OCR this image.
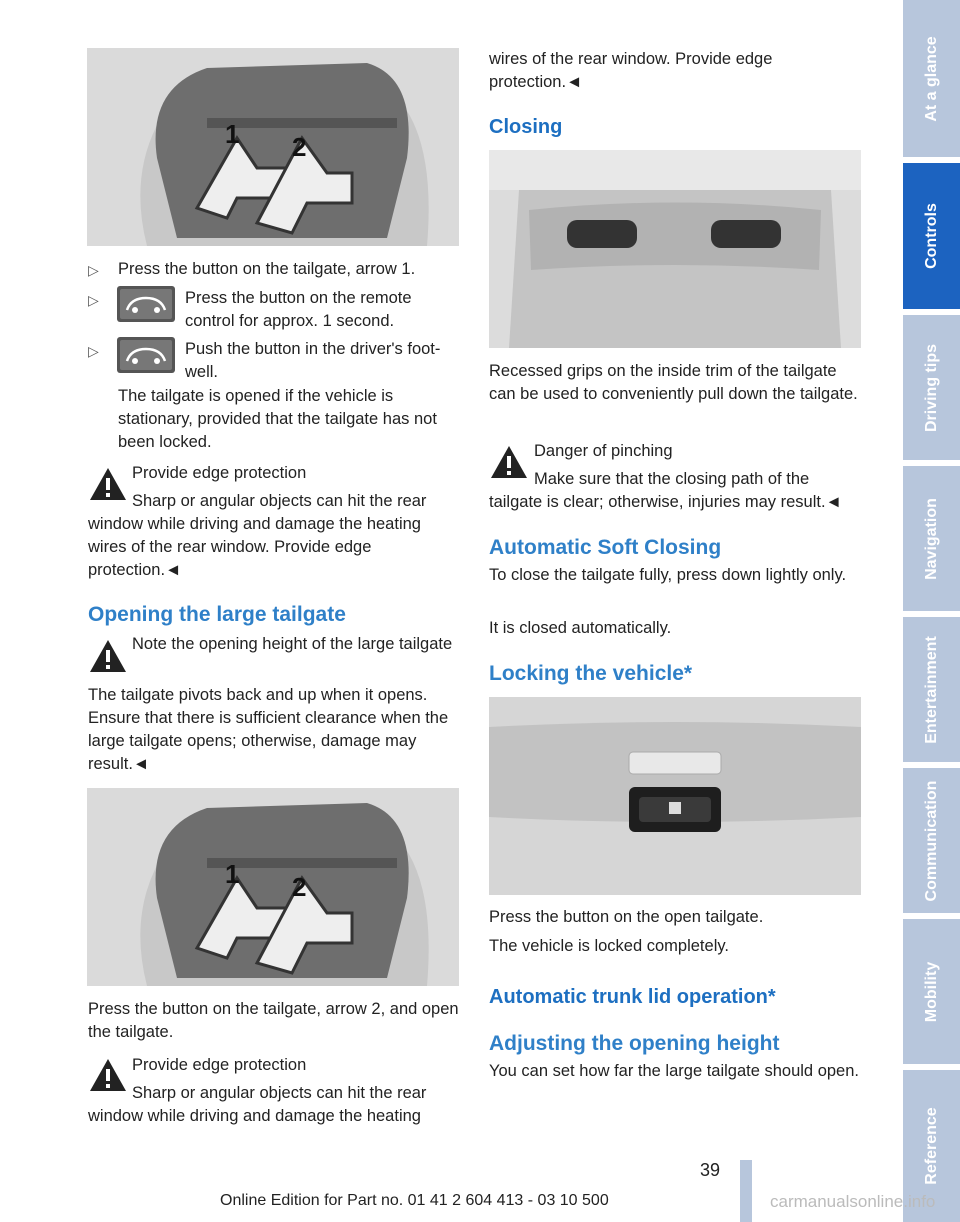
1 2
▷ Press the button on the tailgate, arrow 1.
▷	Press the button on the remote control for approx. 1 second.
▷	Push the button in the driver's foot-well.
The tailgate is opened if the vehicle is stationary, provided that the tailgate has not been locked.
Provide edge protection
Sharp or angular objects can hit the rear window while driving and damage the heating wires of the rear window. Provide edge protection.◄
Opening the large tailgate
Note the opening height of the large tailgate
The tailgate pivots back and up when it opens. Ensure that there is sufficient clearance when the large tailgate opens; otherwise, damage may result.◄
1 2
Press the button on the tailgate, arrow 2, and open the tailgate.
Provide edge protection
Sharp or angular objects can hit the rear window while driving and damage the heating
wires of the rear window. Provide edge protection.◄
Closing
Recessed grips on the inside trim of the tailgate can be used to conveniently pull down the tailgate.
Danger of pinching
Make sure that the closing path of the tailgate is clear; otherwise, injuries may result.◄
Automatic Soft Closing
To close the tailgate fully, press down lightly only.
It is closed automatically.
Locking the vehicle*
Press the button on the open tailgate.
The vehicle is locked completely.
Automatic trunk lid operation*
Adjusting the opening height
You can set how far the large tailgate should open.
At a glance
Controls
Driving tips
Navigation
Entertainment
Communication
Mobility
Reference
39
Online Edition for Part no. 01 41 2 604 413 - 03 10 500	carmanualsonline.info
